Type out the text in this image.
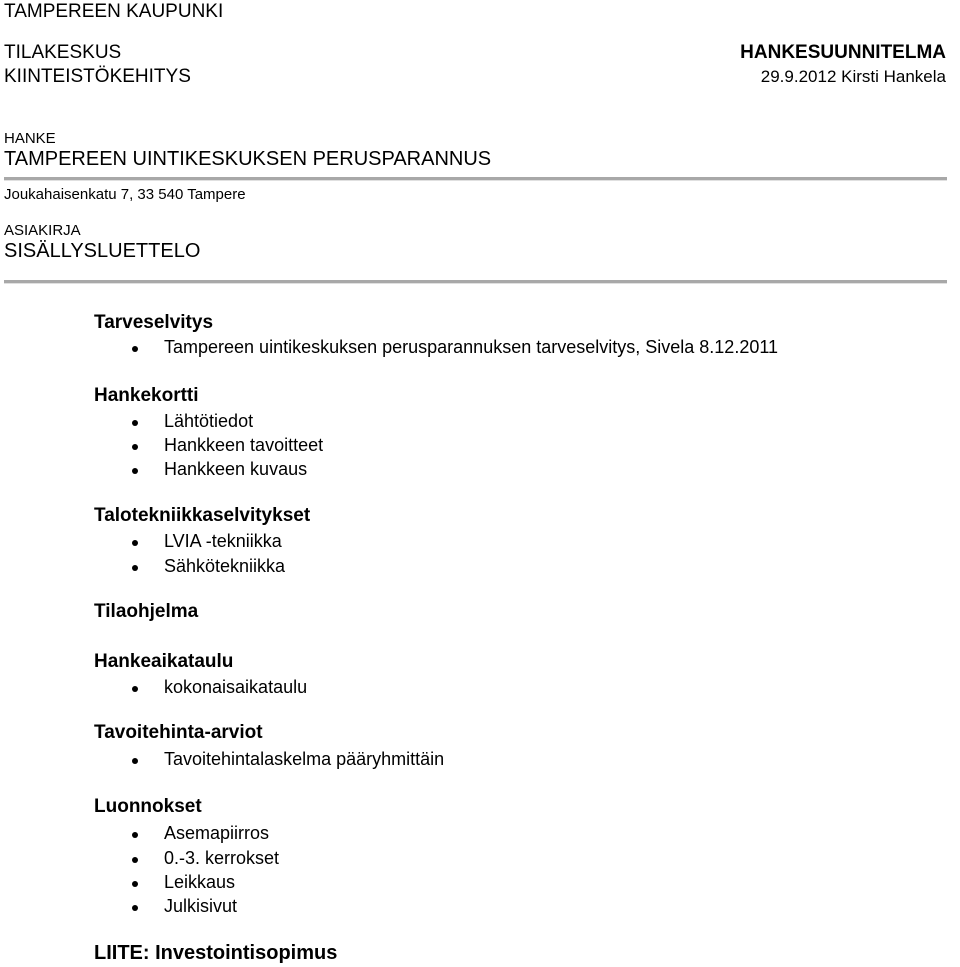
TAMPEREEN KAUPUNKI
TILAKESKUS
KIINTEISTÖKEHITYS
HANKESUUNNITELMA
29.9.2012 Kirsti Hankela
HANKE
TAMPEREEN UINTIKESKUKSEN PERUSPARANNUS
Joukahaisenkatu 7, 33 540 Tampere
ASIAKIRJA
SISÄLLYSLUETTELO
Tarveselvitys
Tampereen uintikeskuksen perusparannuksen tarveselvitys, Sivela 8.12.2011
Hankekortti
Lähtötiedot
Hankkeen tavoitteet
Hankkeen kuvaus
Talotekniikkaselvitykset
LVIA -tekniikka
Sähkötekniikka
Tilaohjelma
Hankeaikataulu
kokonaisaikataulu
Tavoitehinta-arviot
Tavoitehintalaskelma pääryhmittäin
Luonnokset
Asemapiirros
0.-3. kerrokset
Leikkaus
Julkisivut
LIITE: Investointisopimus
